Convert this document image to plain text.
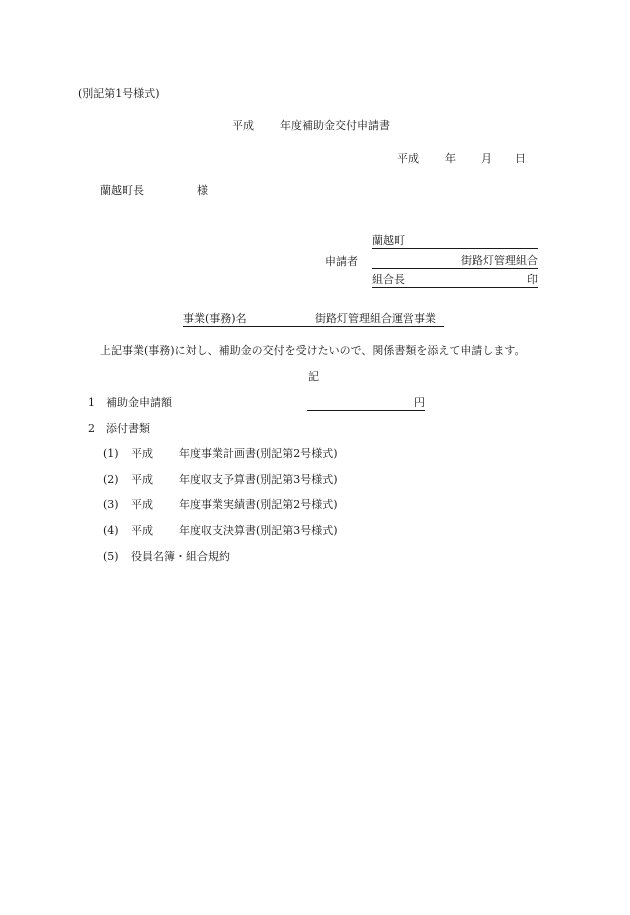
(別記第1号様式)
平成 年度補助金交付申請書
平成 年 月 日
蘭越町長	様
申請者
蘭越町
街路灯管理組合
組合長	印
事業(事務)名	街路灯管理組合運営事業
上記事業(事務)に対し、補助金の交付を受けたいので、関係書類を添えて申請します。
記
1 補助金申請額	円
2 添付書類
(1) 平成 年度事業計画書(別記第2号様式)
(2) 平成 年度収支予算書(別記第3号様式)
(3) 平成 年度事業実績書(別記第2号様式)
(4) 平成 年度収支決算書(別記第3号様式)
(5) 役員名簿・組合規約
